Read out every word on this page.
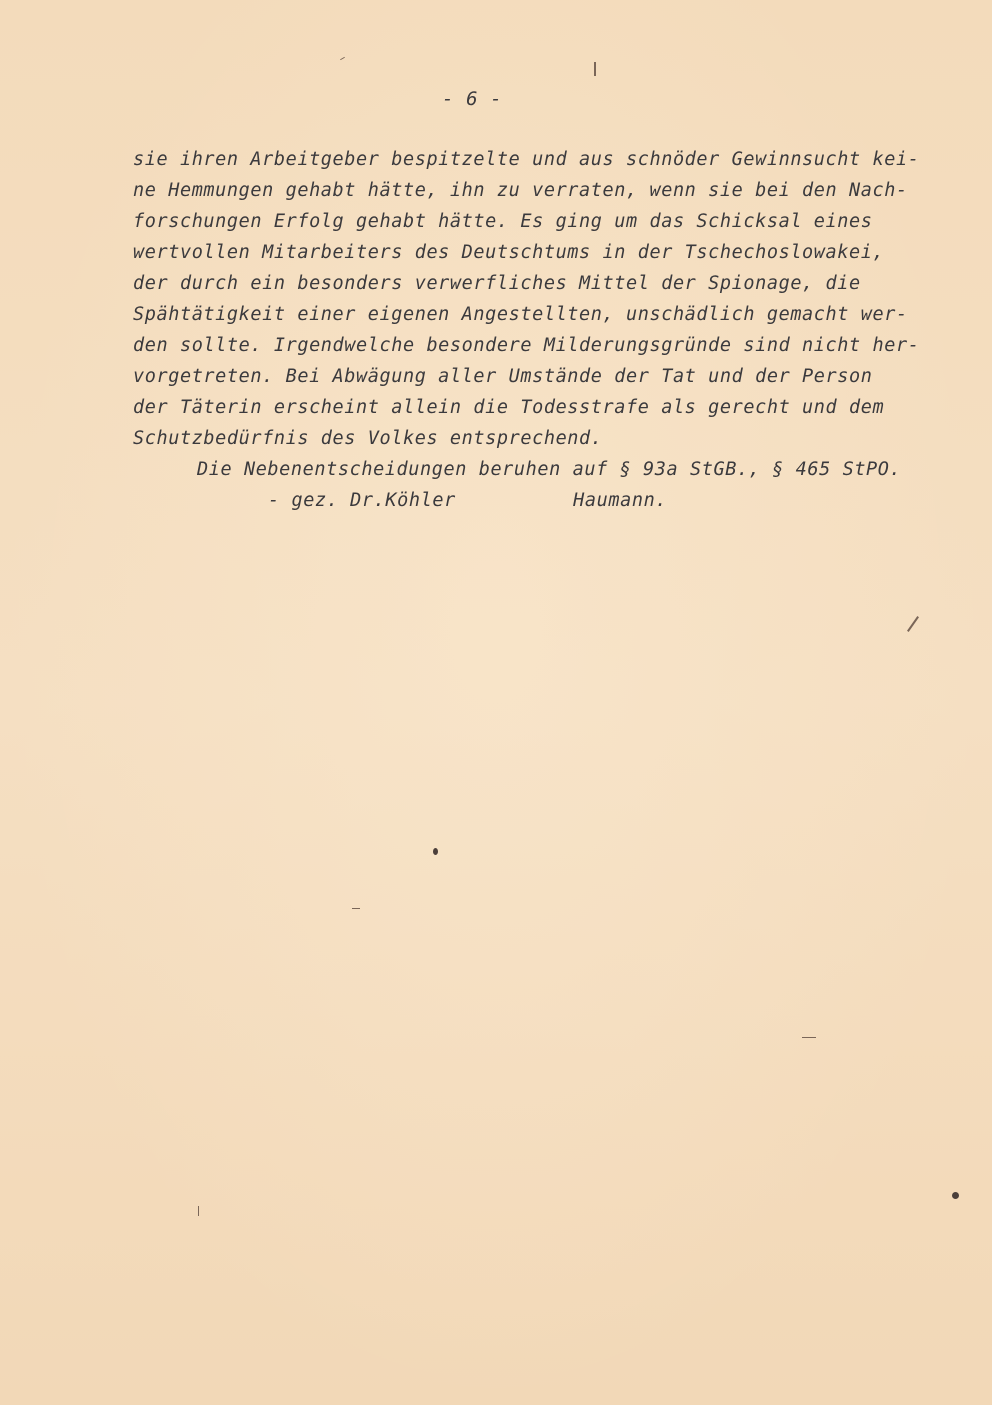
- 6 -
sie ihren Arbeitgeber bespitzelte und aus schnöder Gewinnsucht kei-
ne Hemmungen gehabt hätte, ihn zu verraten, wenn sie bei den Nach-
forschungen Erfolg gehabt hätte. Es ging um das Schicksal eines
wertvollen Mitarbeiters des Deutschtums in der Tschechoslowakei,
der durch ein besonders verwerfliches Mittel der Spionage, die
Spähtätigkeit einer eigenen Angestellten, unschädlich gemacht wer-
den sollte. Irgendwelche besondere Milderungsgründe sind nicht her-
vorgetreten. Bei Abwägung aller Umstände der Tat und der Person
der Täterin erscheint allein die Todesstrafe als gerecht und dem
Schutzbedürfnis des Volkes entsprechend.
Die Nebenentscheidungen beruhen auf § 93a StGB., § 465 StPO.
- gez. Dr.Köhler          Haumann.
